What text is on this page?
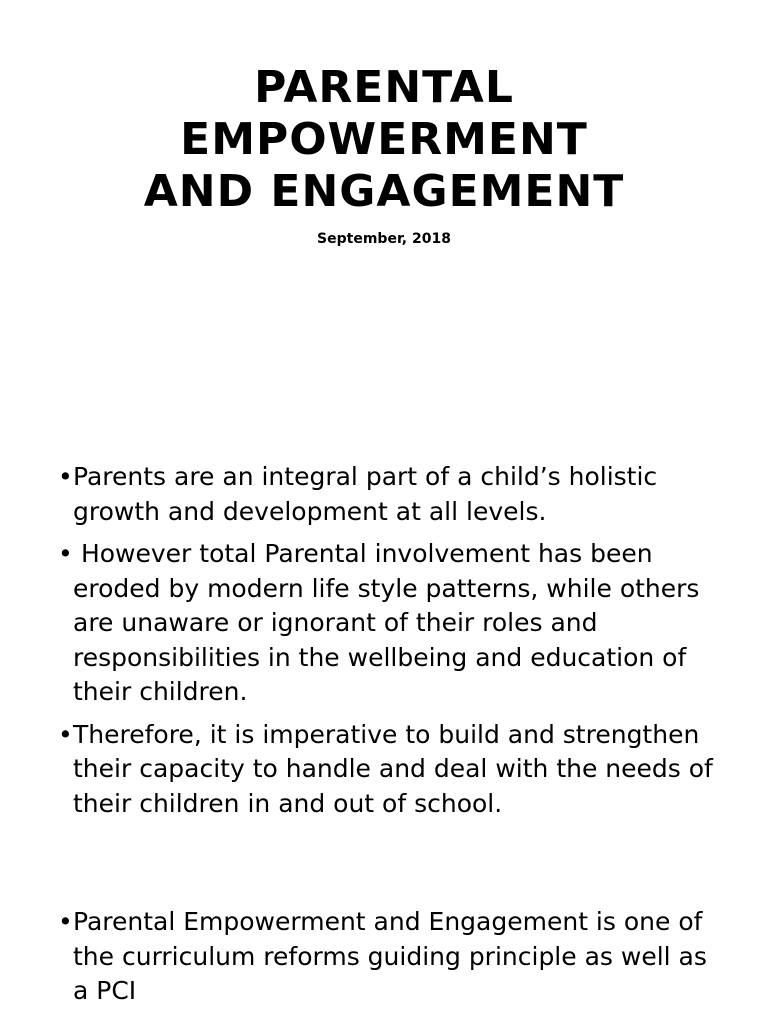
PARENTAL
EMPOWERMENT
AND ENGAGEMENT

September, 2018

• Parents are an integral part of a child’s holistic growth and development at all levels.
• However total Parental involvement has been eroded by modern life style patterns, while others are unaware or ignorant of their roles and responsibilities in the wellbeing and education of their children.
• Therefore, it is imperative to build and strengthen their capacity to handle and deal with the needs of their children in and out of school.
• Parental Empowerment and Engagement is one of the curriculum reforms guiding principle as well as a PCI
